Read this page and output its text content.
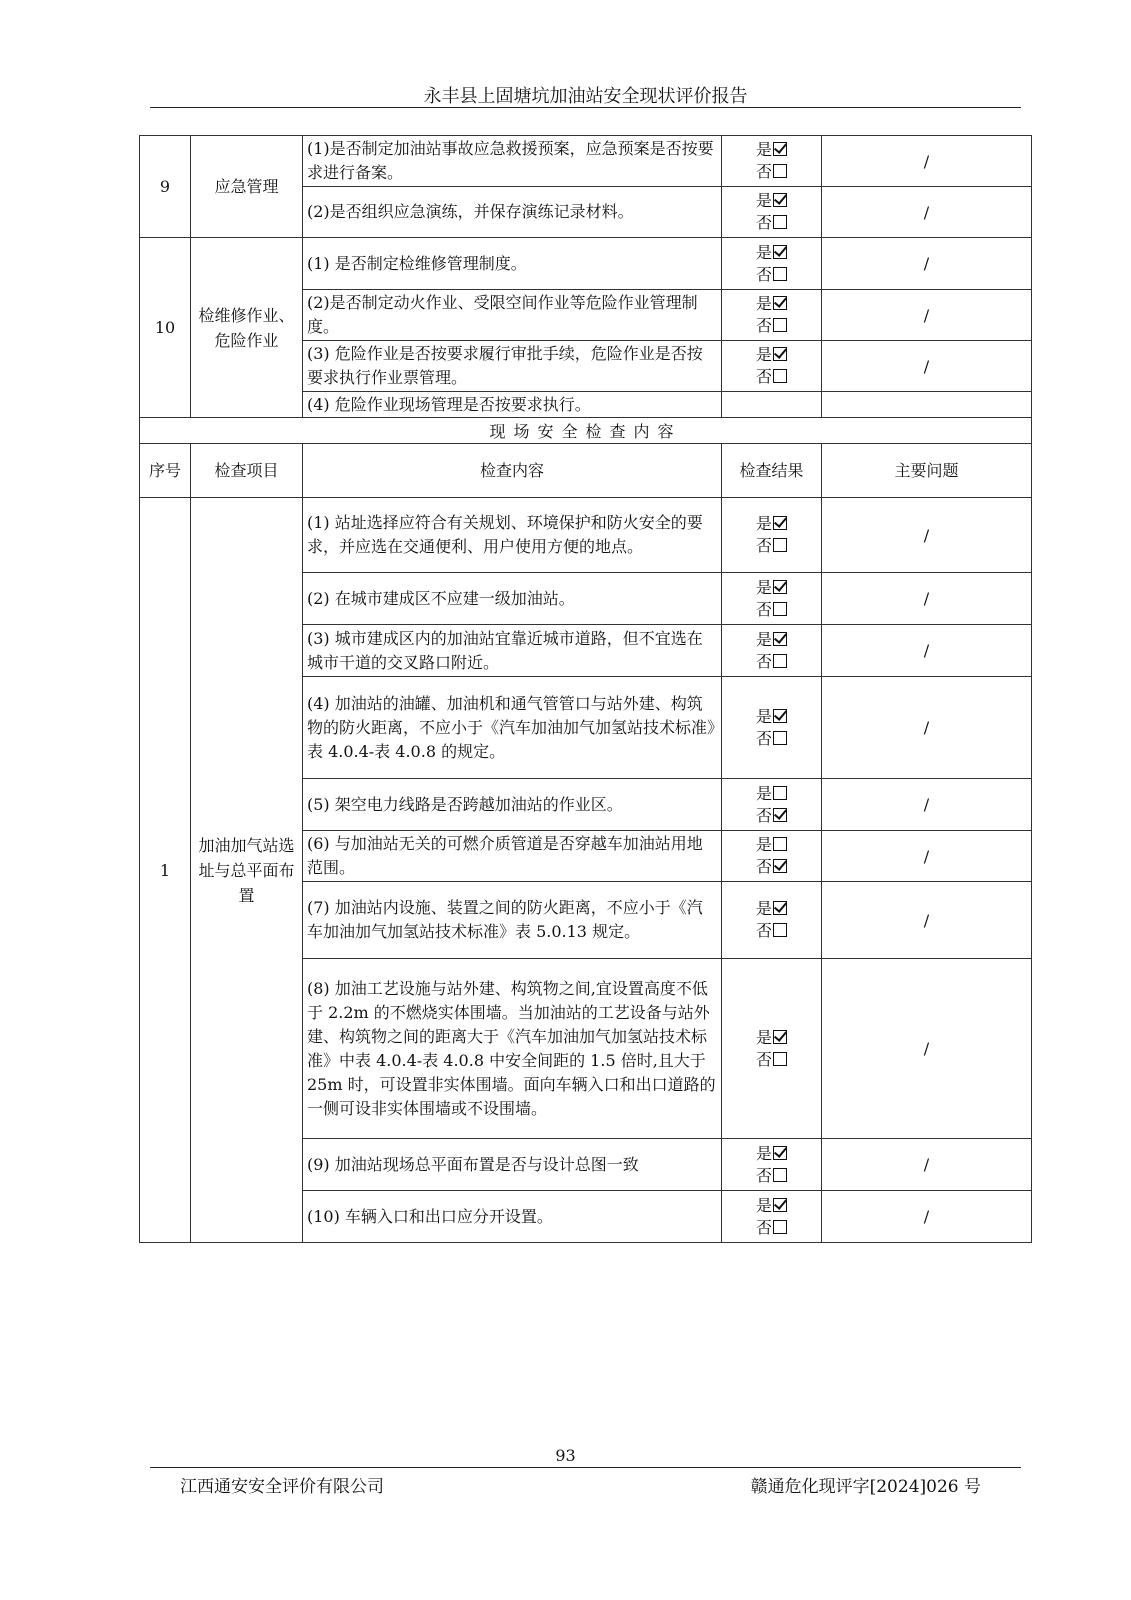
永丰县上固塘坑加油站安全现状评价报告
9	应急管理	(1)是否制定加油站事故应急救援预案，应急预案是否按要求进行备案。	是
否	/
		(2)是否组织应急演练，并保存演练记录材料。	是
否	/
10	检维修作业、危险作业	(1) 是否制定检维修管理制度。	是
否	/
		(2)是否制定动火作业、受限空间作业等危险作业管理制度。	是
否	/
		(3) 危险作业是否按要求履行审批手续，危险作业是否按要求执行作业票管理。	是
否	/
		(4) 危险作业现场管理是否按要求执行。		
现场安全检查内容				
序号	检查项目	检查内容	检查结果	主要问题
1	加油加气站选址与总平面布置	(1) 站址选择应符合有关规划、环境保护和防火安全的要求，并应选在交通便利、用户使用方便的地点。	是
否	/
		(2) 在城市建成区不应建一级加油站。	是
否	/
		(3) 城市建成区内的加油站宜靠近城市道路，但不宜选在城市干道的交叉路口附近。	是
否	/
		(4) 加油站的油罐、加油机和通气管管口与站外建、构筑物的防火距离，不应小于《汽车加油加气加氢站技术标准》表 4.0.4-表 4.0.8 的规定。	是
否	/
		(5) 架空电力线路是否跨越加油站的作业区。	是
否	/
		(6) 与加油站无关的可燃介质管道是否穿越车加油站用地范围。	是
否	/
		(7) 加油站内设施、装置之间的防火距离，不应小于《汽车加油加气加氢站技术标准》表 5.0.13 规定。	是
否	/
		(8) 加油工艺设施与站外建、构筑物之间,宜设置高度不低于 2.2m 的不燃烧实体围墙。当加油站的工艺设备与站外建、构筑物之间的距离大于《汽车加油加气加氢站技术标准》中表 4.0.4-表 4.0.8 中安全间距的 1.5 倍时,且大于 25m 时，可设置非实体围墙。面向车辆入口和出口道路的一侧可设非实体围墙或不设围墙。	是
否	/
		(9) 加油站现场总平面布置是否与设计总图一致	是
否	/
		(10) 车辆入口和出口应分开设置。	是
否	/
93
江西通安安全评价有限公司	赣通危化现评字[2024]026 号
